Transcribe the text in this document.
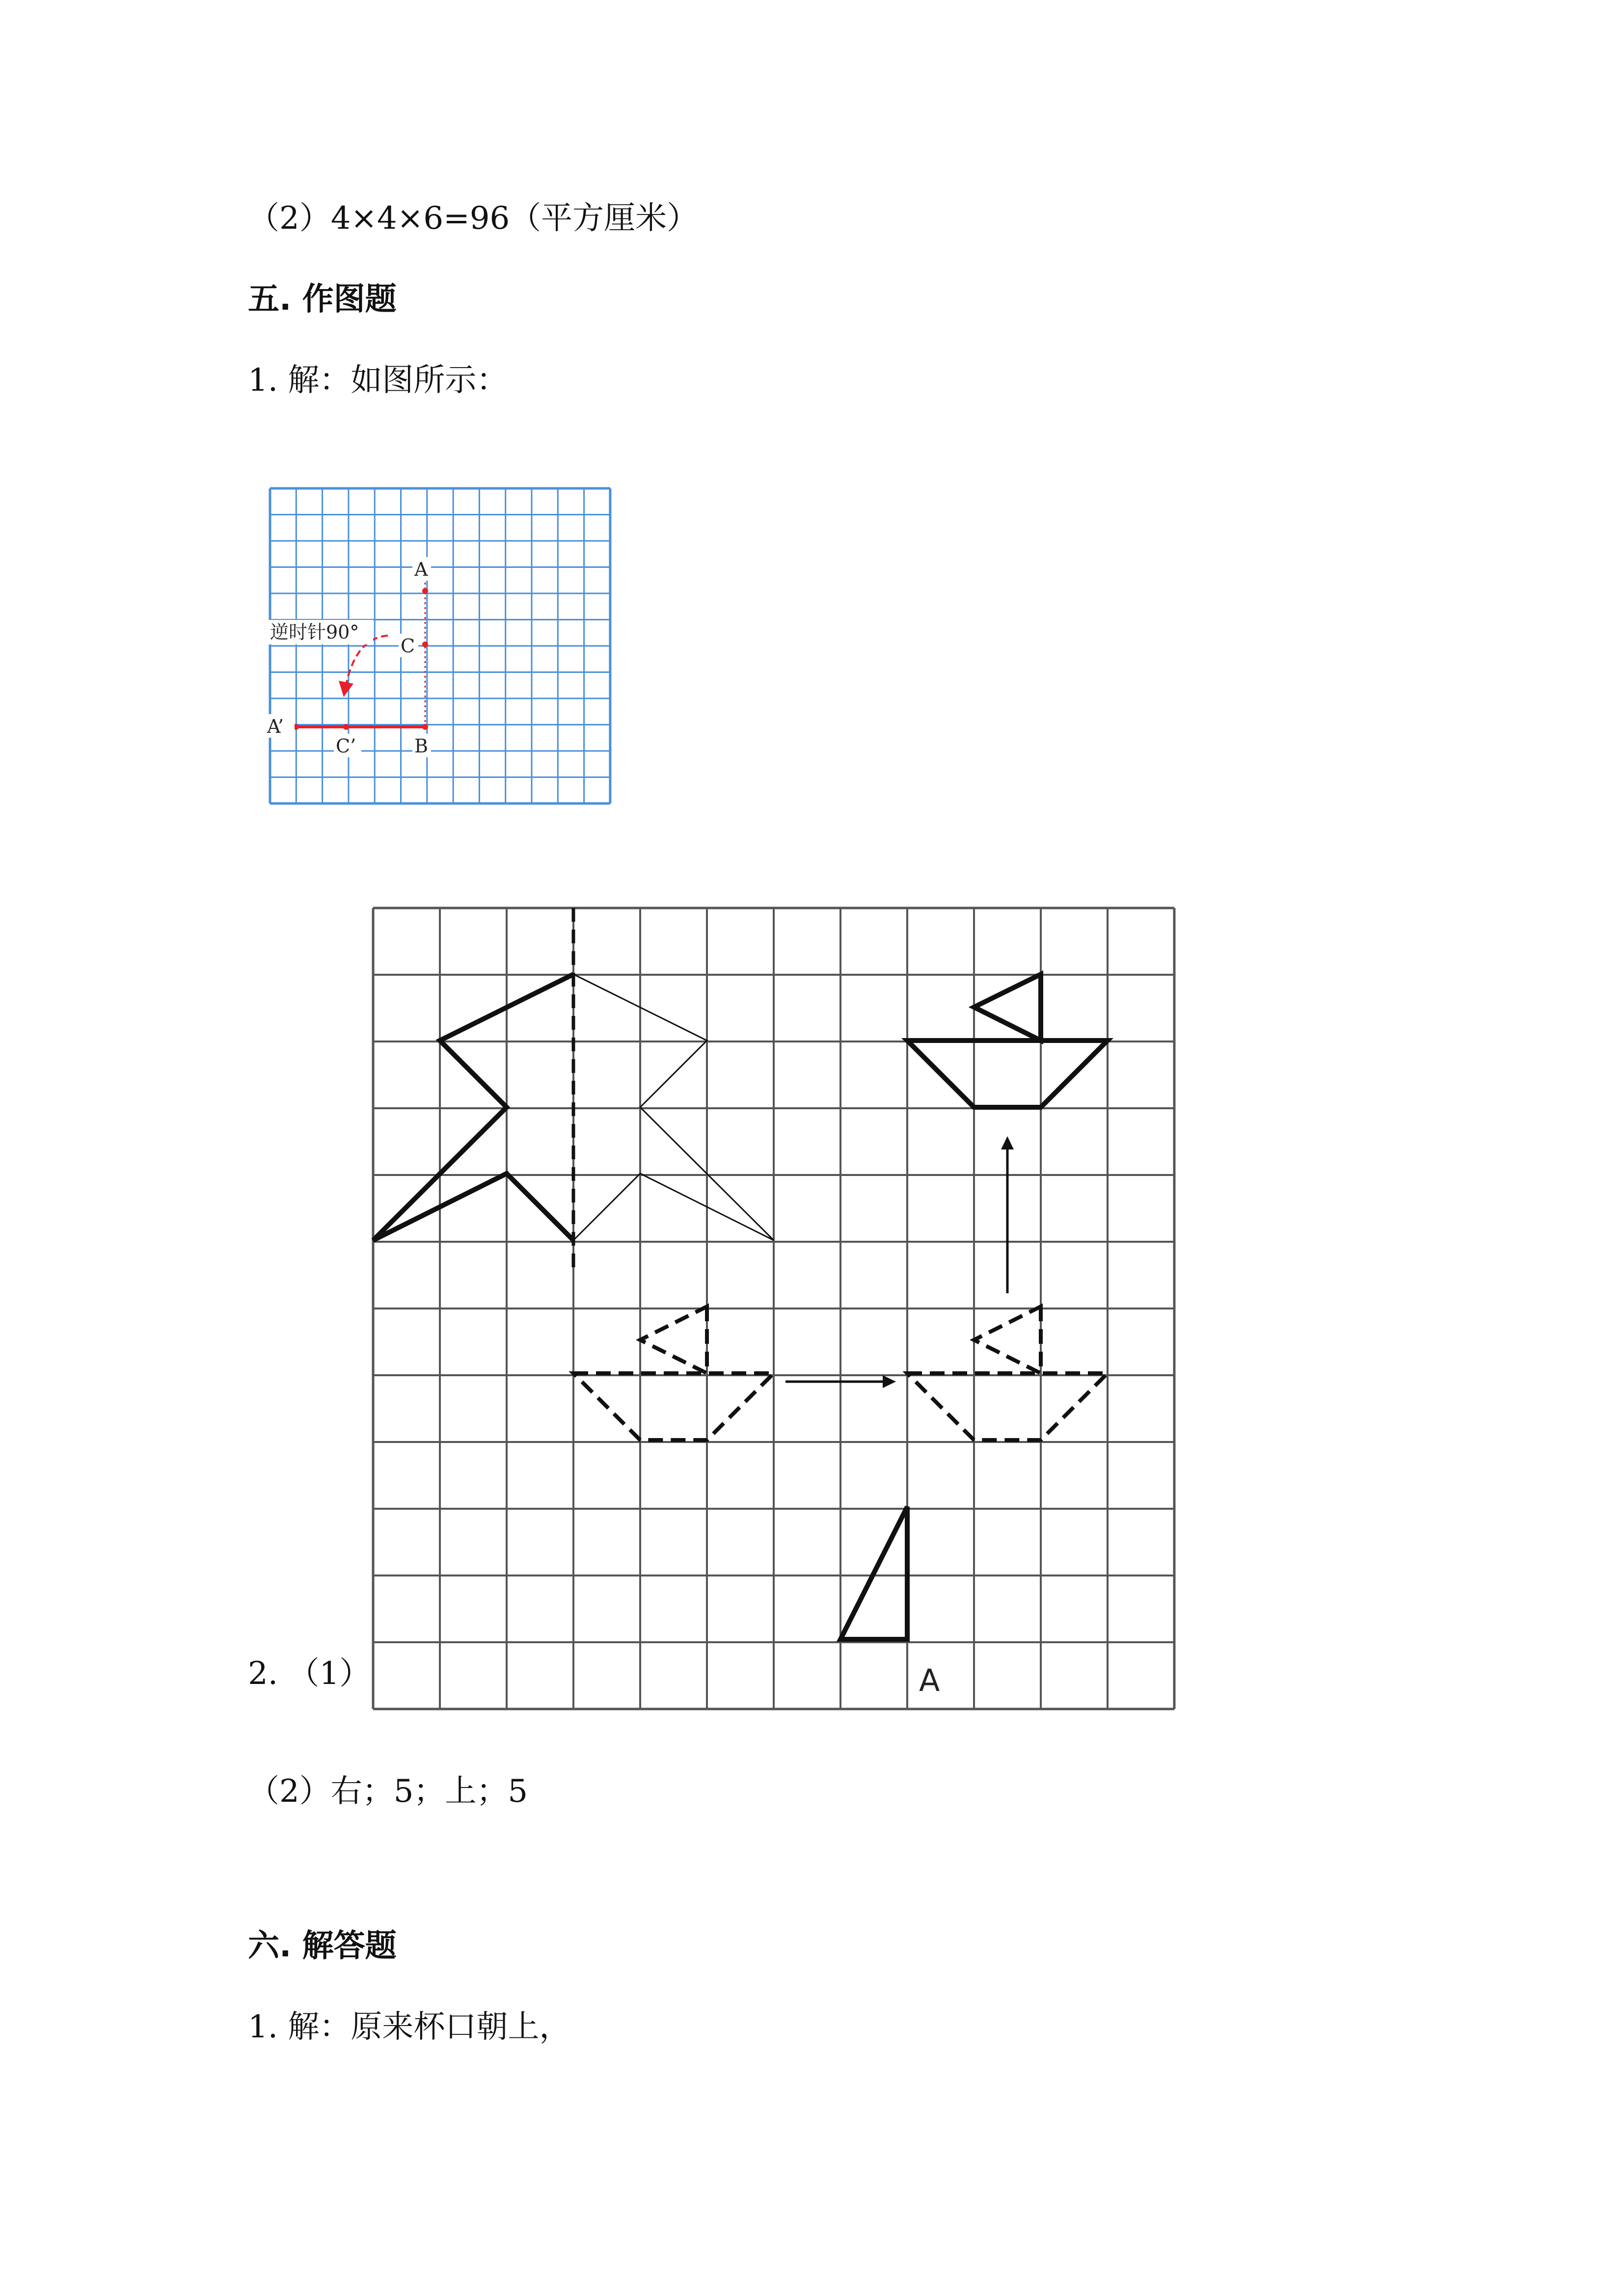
（2）4×4×6=96（平方厘米）
五. 作图题
1. 解：如图所示：
2. （1）
（2）右；5；上；5
六. 解答题
1. 解：原来杯口朝上，
逆时针90°
A
C
B
A’
C’
A
